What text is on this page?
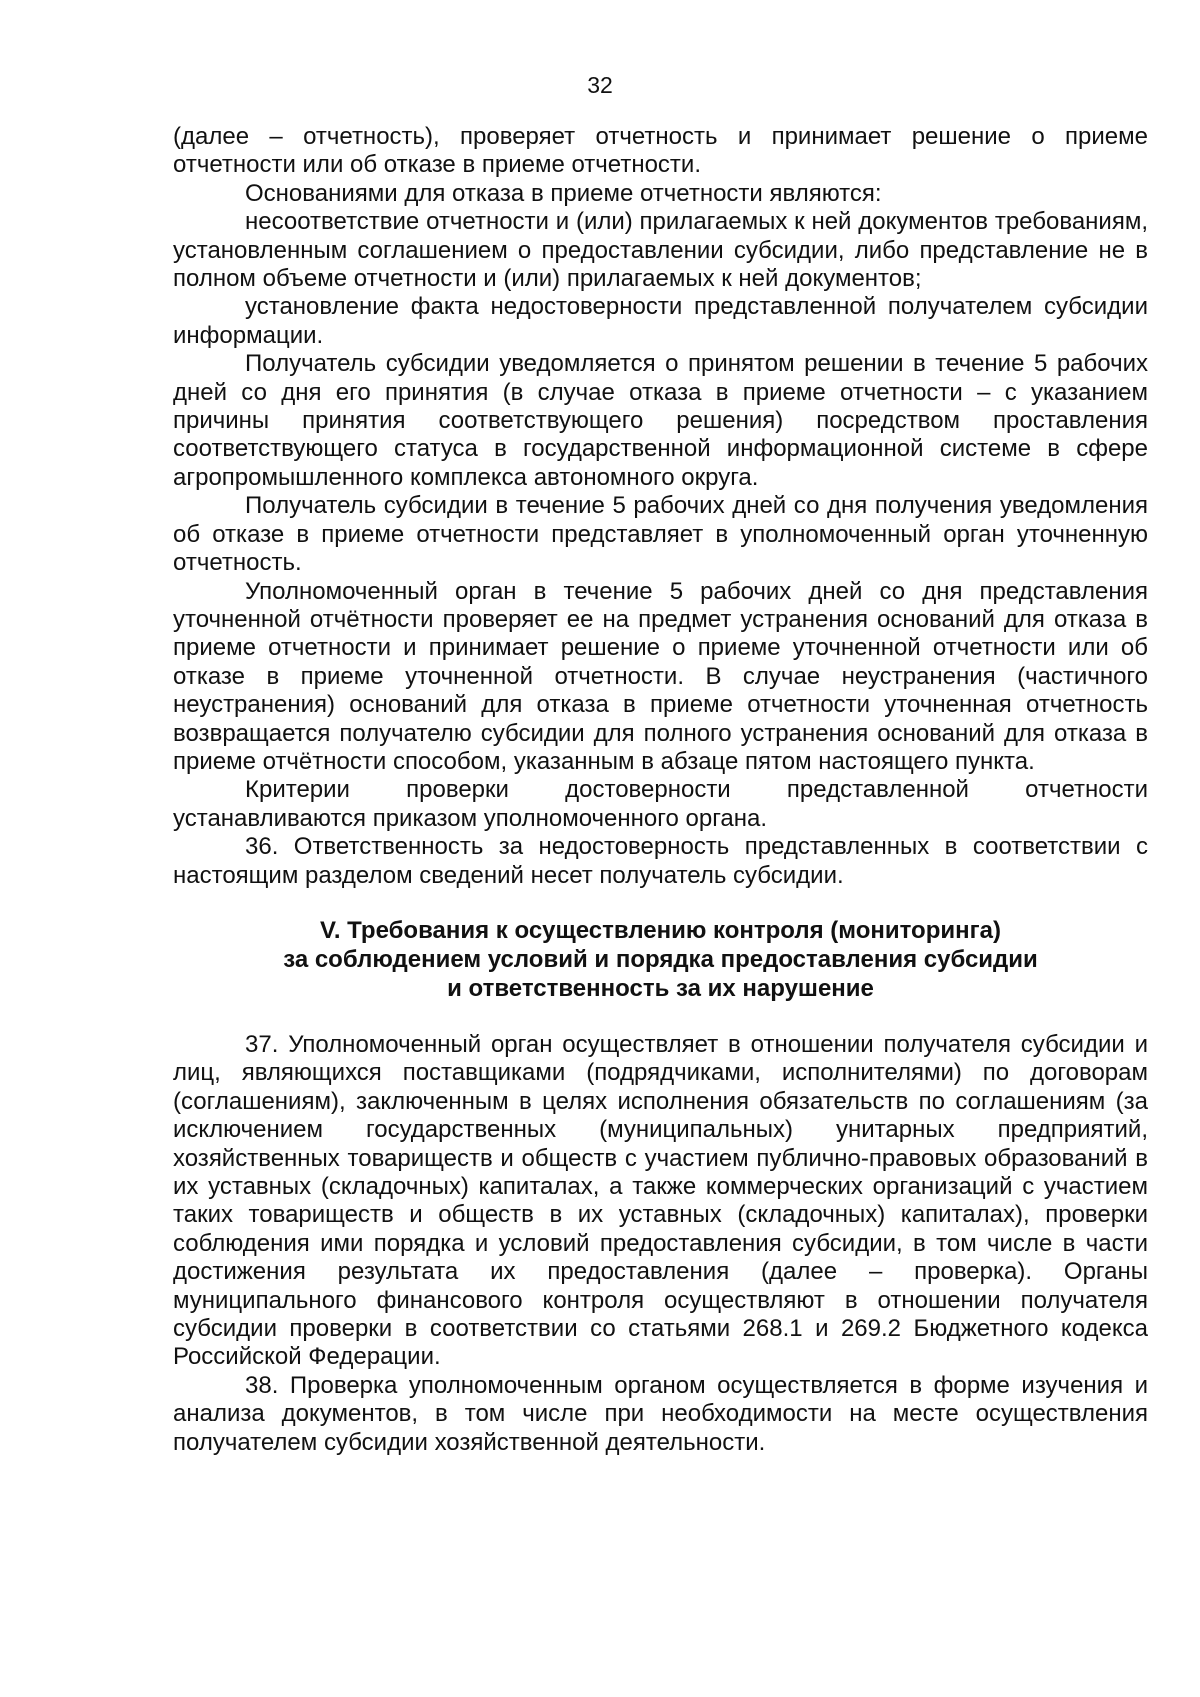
32

(далее – отчетность), проверяет отчетность и принимает решение о приеме отчетности или об отказе в приеме отчетности.

Основаниями для отказа в приеме отчетности являются:

несоответствие отчетности и (или) прилагаемых к ней документов требованиям, установленным соглашением о предоставлении субсидии, либо представление не в полном объеме отчетности и (или) прилагаемых к ней документов;

установление факта недостоверности представленной получателем субсидии информации.

Получатель субсидии уведомляется о принятом решении в течение 5 рабочих дней со дня его принятия (в случае отказа в приеме отчетности – с указанием причины принятия соответствующего решения) посредством проставления соответствующего статуса в государственной информационной системе в сфере агропромышленного комплекса автономного округа.

Получатель субсидии в течение 5 рабочих дней со дня получения уведомления об отказе в приеме отчетности представляет в уполномоченный орган уточненную отчетность.

Уполномоченный орган в течение 5 рабочих дней со дня представления уточненной отчётности проверяет ее на предмет устранения оснований для отказа в приеме отчетности и принимает решение о приеме уточненной отчетности или об отказе в приеме уточненной отчетности. В случае неустранения (частичного неустранения) оснований для отказа в приеме отчетности уточненная отчетность возвращается получателю субсидии для полного устранения оснований для отказа в приеме отчётности способом, указанным в абзаце пятом настоящего пункта.

Критерии проверки достоверности представленной отчетности устанавливаются приказом уполномоченного органа.

36. Ответственность за недостоверность представленных в соответствии с настоящим разделом сведений несет получатель субсидии.

V. Требования к осуществлению контроля (мониторинга)
за соблюдением условий и порядка предоставления субсидии
и ответственность за их нарушение

37. Уполномоченный орган осуществляет в отношении получателя субсидии и лиц, являющихся поставщиками (подрядчиками, исполнителями) по договорам (соглашениям), заключенным в целях исполнения обязательств по соглашениям (за исключением государственных (муниципальных) унитарных предприятий, хозяйственных товариществ и обществ с участием публично-правовых образований в их уставных (складочных) капиталах, а также коммерческих организаций с участием таких товариществ и обществ в их уставных (складочных) капиталах), проверки соблюдения ими порядка и условий предоставления субсидии, в том числе в части достижения результата их предоставления (далее – проверка). Органы муниципального финансового контроля осуществляют в отношении получателя субсидии проверки в соответствии со статьями 268.1 и 269.2 Бюджетного кодекса Российской Федерации.

38. Проверка уполномоченным органом осуществляется в форме изучения и анализа документов, в том числе при необходимости на месте осуществления получателем субсидии хозяйственной деятельности.
